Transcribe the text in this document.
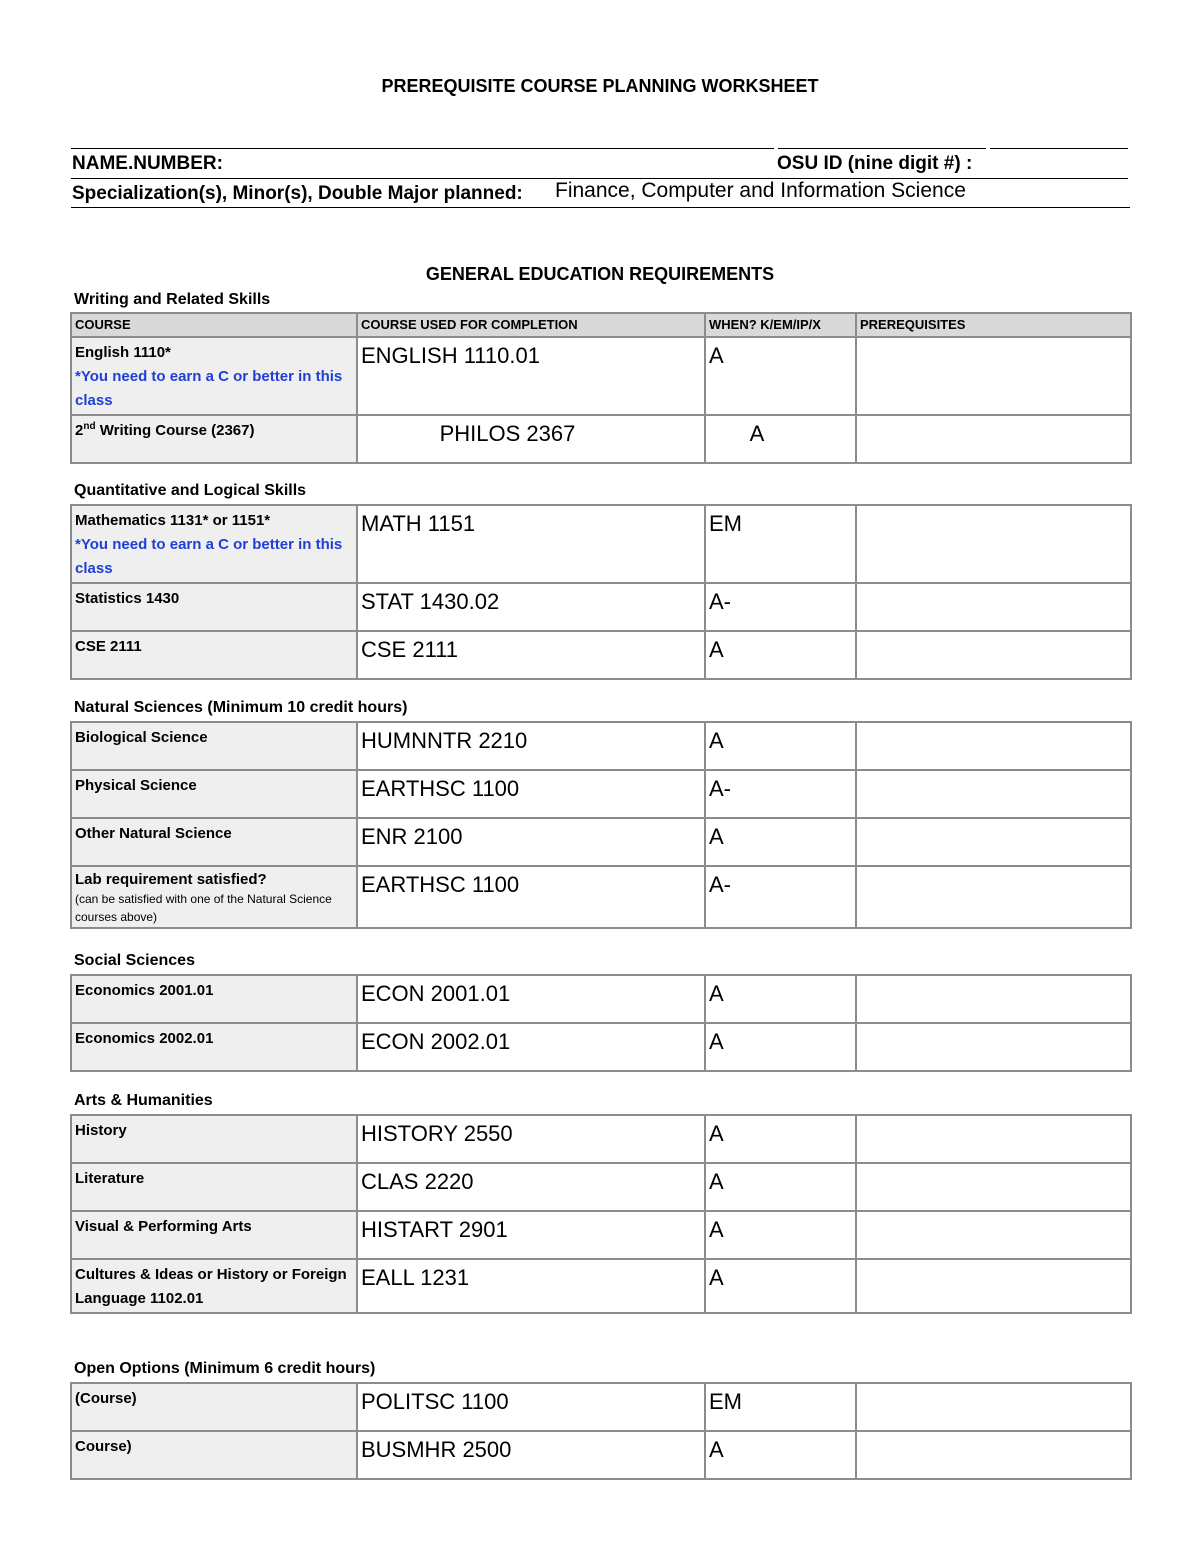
PREREQUISITE COURSE PLANNING WORKSHEET
NAME.NUMBER:	OSU ID (nine digit #) :
Specialization(s), Minor(s), Double Major planned: Finance, Computer and Information Science
GENERAL EDUCATION REQUIREMENTS
Writing and Related Skills
COURSE	COURSE USED FOR COMPLETION	WHEN? K/EM/IP/X	PREREQUISITES
English 1110*
*You need to earn a C or better in this class	ENGLISH 1110.01	A	
2nd Writing Course (2367)	PHILOS 2367	A	
Quantitative and Logical Skills
Mathematics 1131* or 1151*
*You need to earn a C or better in this class	MATH 1151	EM	
Statistics 1430	STAT 1430.02	A-	
CSE 2111	CSE 2111	A	
Natural Sciences (Minimum 10 credit hours)
Biological Science	HUMNNTR 2210	A	
Physical Science	EARTHSC 1100	A-	
Other Natural Science	ENR 2100	A	
Lab requirement satisfied?
(can be satisfied with one of the Natural Science courses above)	EARTHSC 1100	A-	
Social Sciences
Economics 2001.01	ECON 2001.01	A	
Economics 2002.01	ECON 2002.01	A	
Arts & Humanities
History	HISTORY 2550	A	
Literature	CLAS 2220	A	
Visual & Performing Arts	HISTART 2901	A	
Cultures & Ideas or History or Foreign Language 1102.01	EALL 1231	A	
Open Options (Minimum 6 credit hours)
(Course)	POLITSC 1100	EM	
Course)	BUSMHR 2500	A	
